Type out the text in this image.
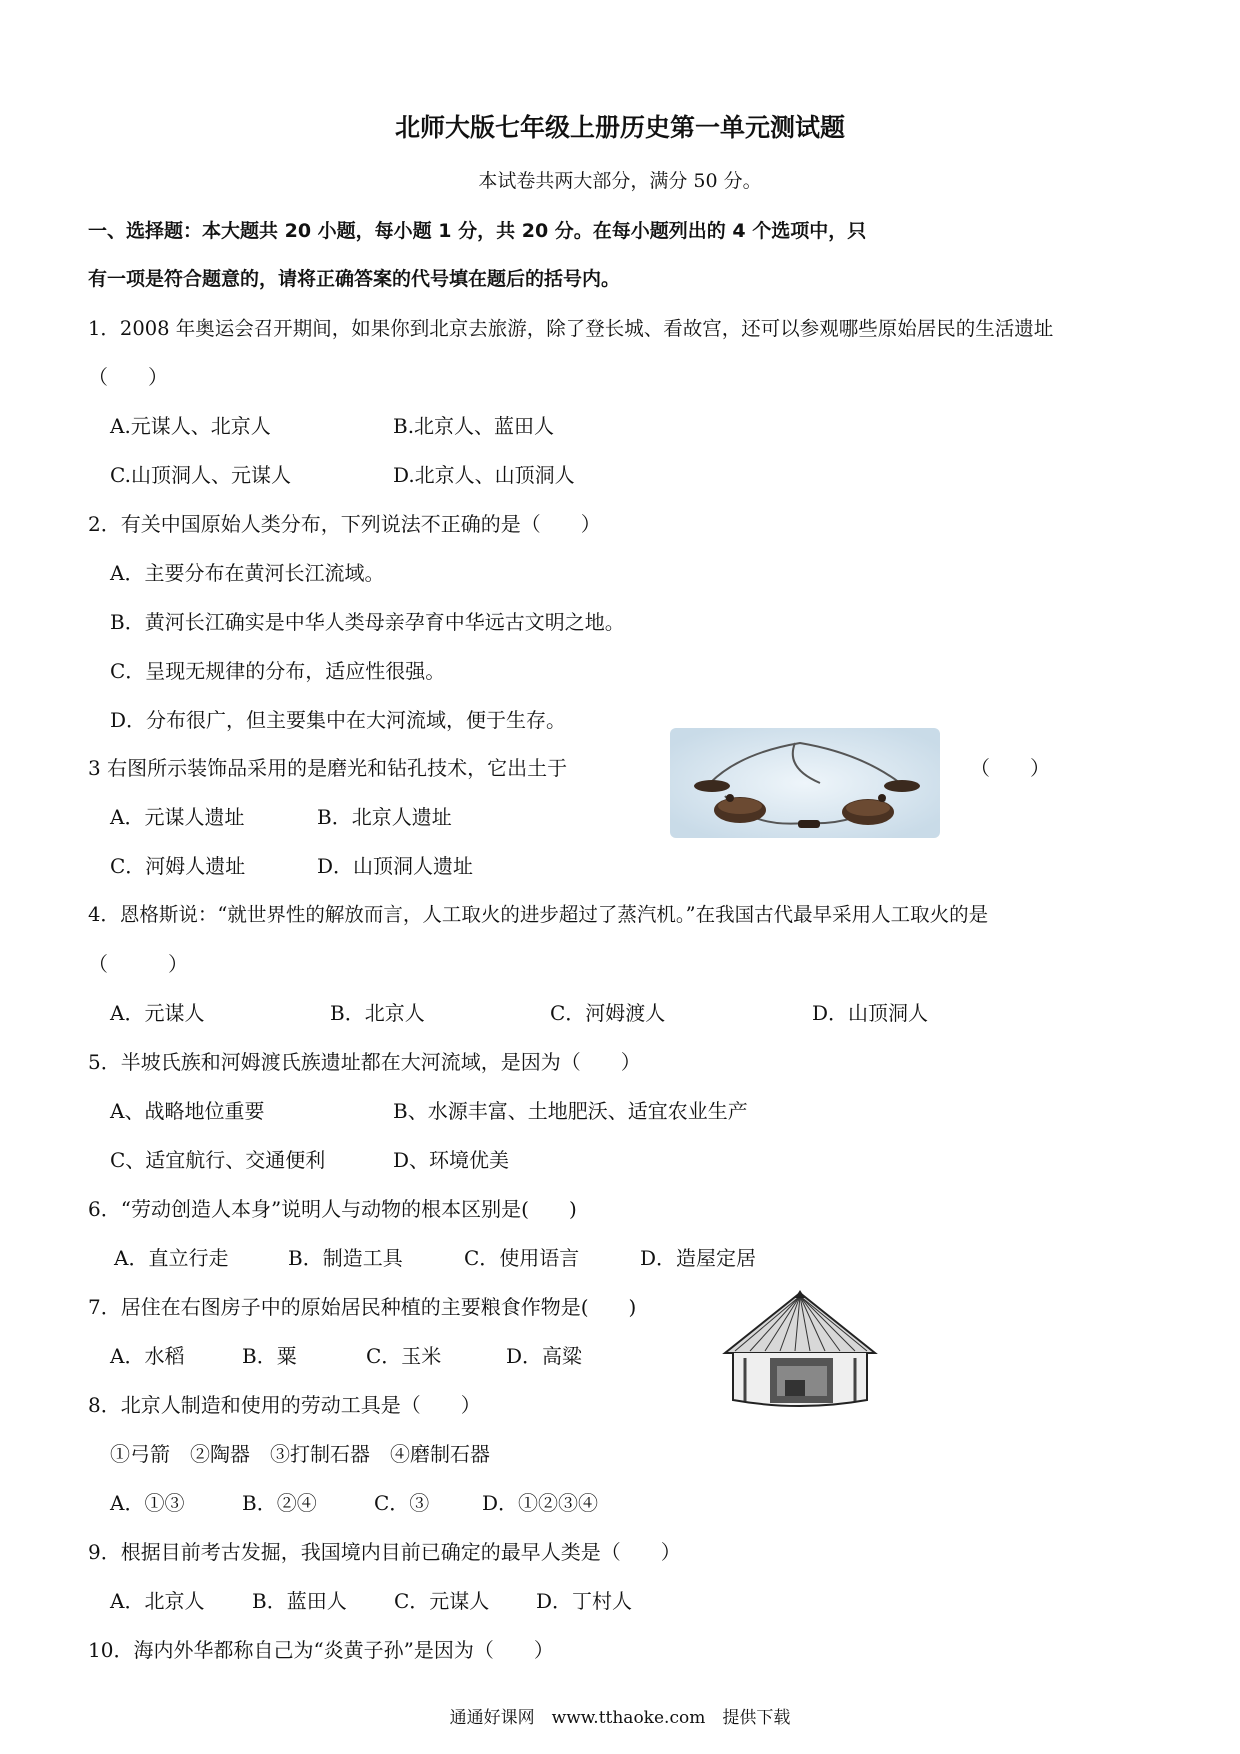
北师大版七年级上册历史第一单元测试题
本试卷共两大部分，满分 50 分。
一、选择题：本大题共 20 小题，每小题 1 分，共 20 分。在每小题列出的 4 个选项中，只
有一项是符合题意的，请将正确答案的代号填在题后的括号内。
1．2008 年奥运会召开期间，如果你到北京去旅游，除了登长城、看故宫，还可以参观哪些原始居民的生活遗址
（　　）
A.元谋人、北京人	B.北京人、蓝田人
C.山顶洞人、元谋人	D.北京人、山顶洞人
2．有关中国原始人类分布，下列说法不正确的是（　　）
A．主要分布在黄河长江流域。
B．黄河长江确实是中华人类母亲孕育中华远古文明之地。
C．呈现无规律的分布，适应性很强。
D．分布很广，但主要集中在大河流域，便于生存。
3 右图所示装饰品采用的是磨光和钻孔技术，它出土于	（　　）
A．元谋人遗址	B．北京人遗址
C．河姆人遗址	D．山顶洞人遗址
4．恩格斯说：“就世界性的解放而言，人工取火的进步超过了蒸汽机。”在我国古代最早采用人工取火的是
（　　　）
A．元谋人	B．北京人	C．河姆渡人	D．山顶洞人
5．半坡氏族和河姆渡氏族遗址都在大河流域，是因为（　　）
A、战略地位重要	B、水源丰富、土地肥沃、适宜农业生产
C、适宜航行、交通便利	D、环境优美
6．“劳动创造人本身”说明人与动物的根本区别是(　　)
A．直立行走	B．制造工具	C．使用语言	D．造屋定居
7．居住在右图房子中的原始居民种植的主要粮食作物是(　　)
A．水稻	B．粟	C．玉米	D．高粱
8．北京人制造和使用的劳动工具是（　　）
①弓箭　②陶器　③打制石器　④磨制石器
A．①③	B．②④	C．③	D．①②③④
9．根据目前考古发掘，我国境内目前已确定的最早人类是（　　）
A．北京人 B．蓝田人 C．元谋人 D．丁村人
10．海内外华都称自己为“炎黄子孙”是因为（　　）
通通好课网　www.tthaoke.com　提供下载
